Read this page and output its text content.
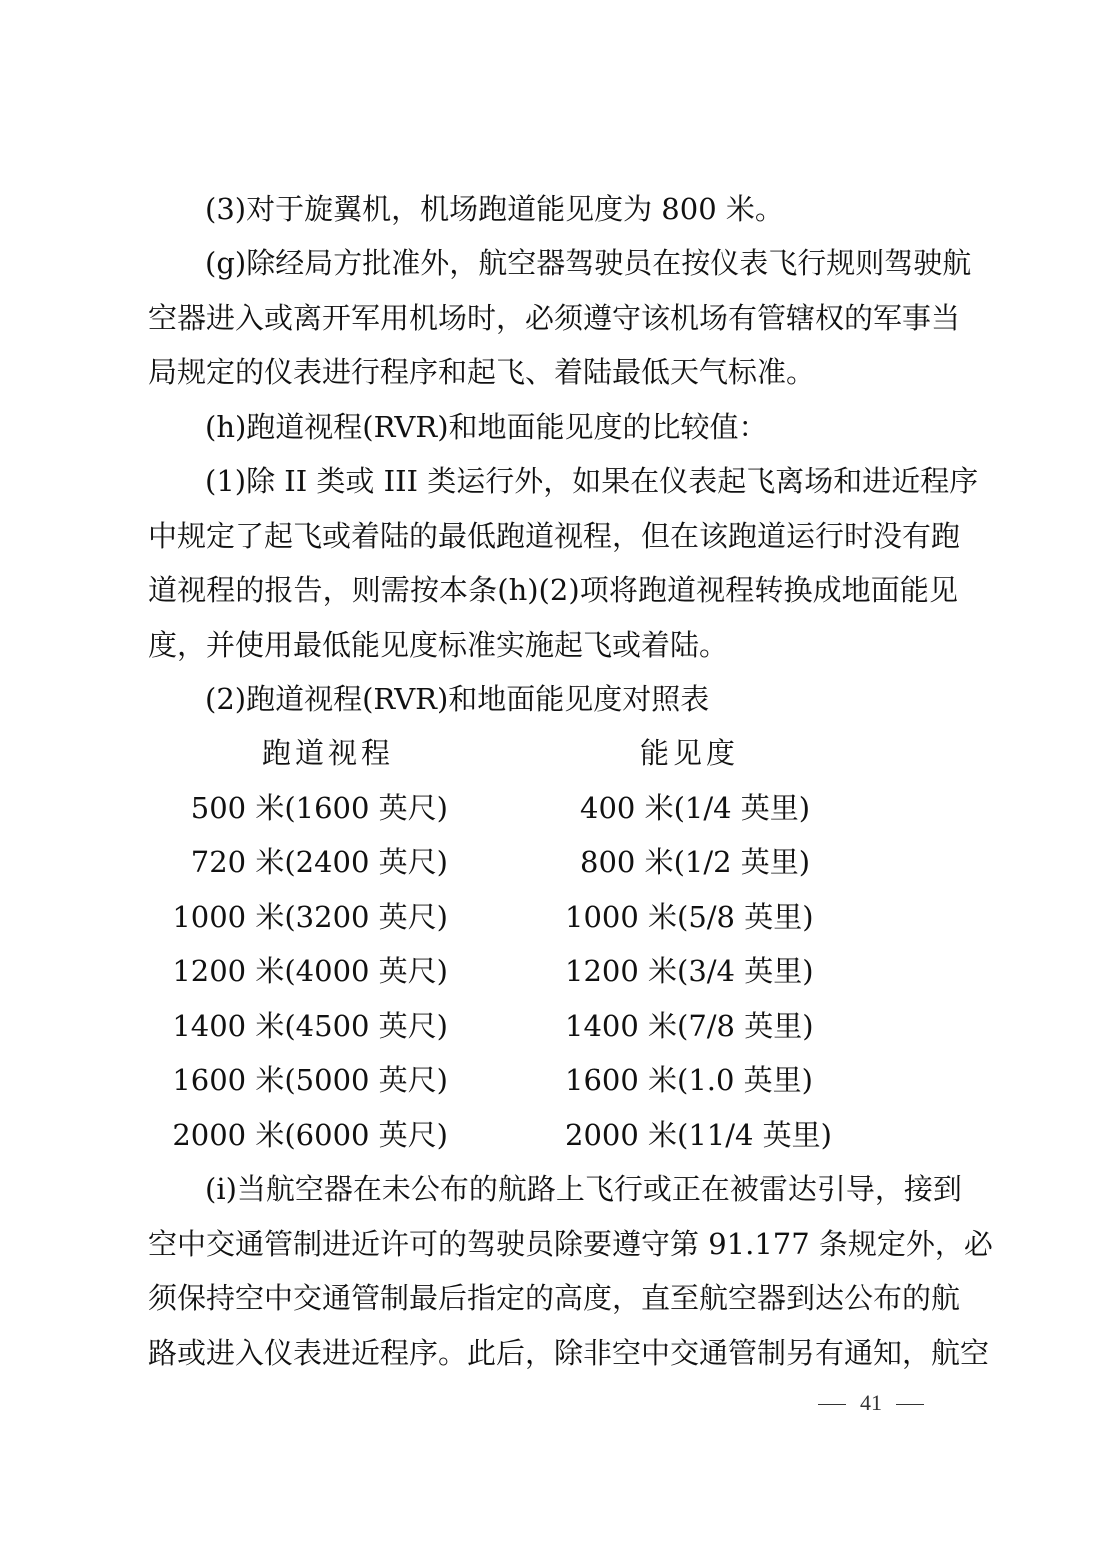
(3)对于旋翼机，机场跑道能见度为 800 米。
(g)除经局方批准外，航空器驾驶员在按仪表飞行规则驾驶航
空器进入或离开军用机场时，必须遵守该机场有管辖权的军事当
局规定的仪表进行程序和起飞、着陆最低天气标准。
(h)跑道视程(RVR)和地面能见度的比较值：
(1)除 II 类或 III 类运行外，如果在仪表起飞离场和进近程序
中规定了起飞或着陆的最低跑道视程，但在该跑道运行时没有跑
道视程的报告，则需按本条(h)(2)项将跑道视程转换成地面能见
度，并使用最低能见度标准实施起飞或着陆。
(2)跑道视程(RVR)和地面能见度对照表
跑道视程	能见度
500 米(1600 英尺)	400 米(1/4 英里)
720 米(2400 英尺)	800 米(1/2 英里)
1000 米(3200 英尺)	1000 米(5/8 英里)
1200 米(4000 英尺)	1200 米(3/4 英里)
1400 米(4500 英尺)	1400 米(7/8 英里)
1600 米(5000 英尺)	1600 米(1.0 英里)
2000 米(6000 英尺)	2000 米(11/4 英里)
(i)当航空器在未公布的航路上飞行或正在被雷达引导，接到
空中交通管制进近许可的驾驶员除要遵守第 91.177 条规定外，必
须保持空中交通管制最后指定的高度，直至航空器到达公布的航
路或进入仪表进近程序。此后，除非空中交通管制另有通知，航空
41
